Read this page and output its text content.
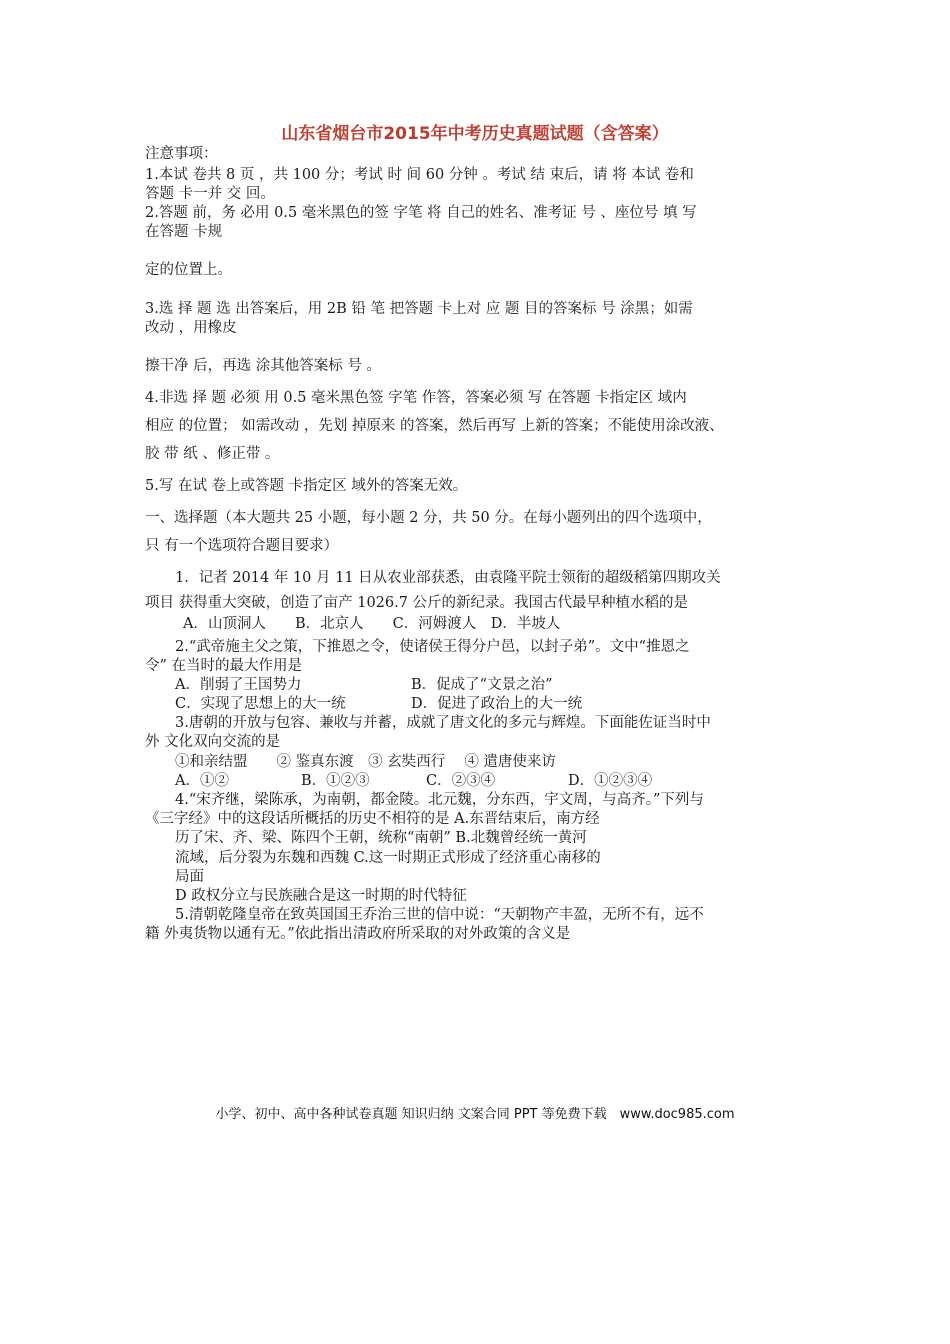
山东省烟台市2015年中考历史真题试题（含答案）
注意事项：
1.本试 卷共 8 页 ，共 100 分；考试 时 间 60 分钟 。考试 结 束后，请 将 本试 卷和
答题 卡一并 交 回。
2.答题 前，务 必用 0.5 毫米黑色的签 字笔 将 自己的姓名、准考证 号 、座位号 填 写
在答题 卡规
定的位置上。
3.选 择 题 选 出答案后，用 2B 铅 笔 把答题 卡上对 应 题 目的答案标 号 涂黑；如需
改动 ，用橡皮
擦干净 后，再选 涂其他答案标 号 。
4.非选 择 题 必须 用 0.5 毫米黑色签 字笔 作答，答案必须 写 在答题 卡指定区 域内
相应 的位置； 如需改动 ，先划 掉原来 的答案，然后再写 上新的答案；不能使用涂改液、
胶 带 纸 、修正带 。
5.写 在试 卷上或答题 卡指定区 域外的答案无效。
一、选择题（本大题共 25 小题，每小题 2 分，共 50 分。在每小题列出的四个选项中，
只 有一个选项符合题目要求）
1．记者 2014 年 10 月 11 日从农业部获悉，由袁隆平院士领衔的超级稻第四期攻关
项目 获得重大突破，创造了亩产 1026.7 公斤的新纪录。我国古代最早种植水稻的是
A．山顶洞人　　B．北京人　　C．河姆渡人　D．半坡人
2.“武帝施主父之策，下推恩之令，使诸侯王得分户邑，以封子弟”。文中“推恩之
令” 在当时的最大作用是
A．削弱了王国势力	B．促成了“文景之治”
C．实现了思想上的大一统	D．促进了政治上的大一统
3.唐朝的开放与包容、兼收与并蓄，成就了唐文化的多元与辉煌。下面能佐证当时中
外 文化双向交流的是
①和亲结盟　　② 鉴真东渡　③ 玄奘西行　 ④ 遣唐使来访
A．①②	B．①②③	C．②③④	D．①②③④
4.“宋齐继，梁陈承，为南朝，都金陵。北元魏，分东西，宇文周，与高齐。”下列与
《三字经》中的这段话所概括的历史不相符的是 A.东晋结束后，南方经
历了宋、齐、梁、陈四个王朝，统称“南朝” B.北魏曾经统一黄河
流域，后分裂为东魏和西魏 C.这一时期正式形成了经济重心南移的
局面
D 政权分立与民族融合是这一时期的时代特征
5.清朝乾隆皇帝在致英国国王乔治三世的信中说：“天朝物产丰盈，无所不有，远不
籍 外夷货物以通有无。”依此指出清政府所采取的对外政策的含义是
小学、初中、高中各种试卷真题 知识归纳 文案合同 PPT 等免费下载　www.doc985.com
